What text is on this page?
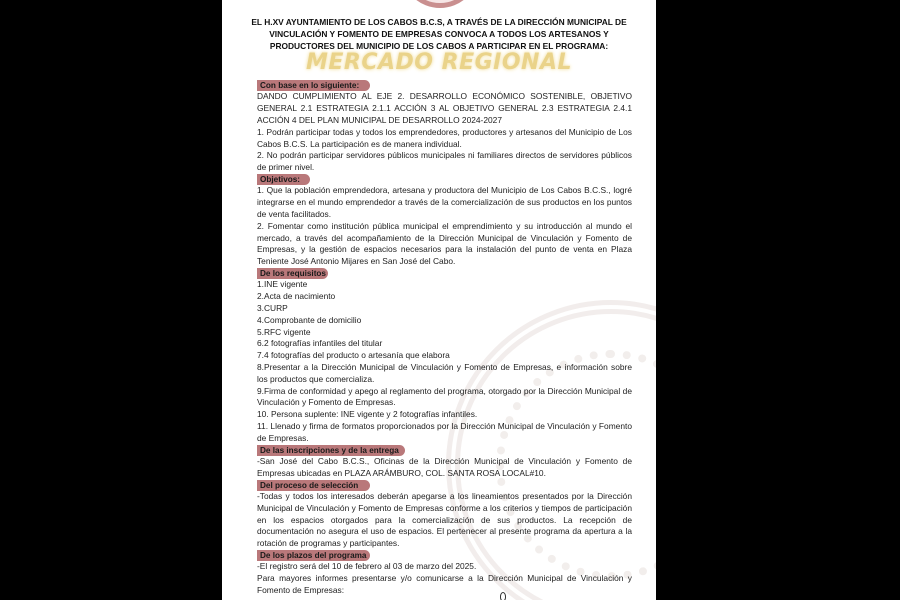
EL H.XV AYUNTAMIENTO DE LOS CABOS B.C.S, A TRAVÉS DE LA DIRECCIÓN MUNICIPAL DE VINCULACIÓN Y FOMENTO DE EMPRESAS CONVOCA A TODOS LOS ARTESANOS Y PRODUCTORES DEL MUNICIPIO DE LOS CABOS A PARTICIPAR EN EL PROGRAMA:
MERCADO REGIONAL
Con base en lo siguiente:

DANDO CUMPLIMIENTO AL EJE 2. DESARROLLO ECONÓMICO SOSTENIBLE, OBJETIVO GENERAL 2.1 ESTRATEGIA 2.1.1 ACCIÓN 3 AL OBJETIVO GENERAL 2.3 ESTRATEGIA 2.4.1 ACCIÓN 4 DEL PLAN MUNICIPAL DE DESARROLLO 2024-2027

1. Podrán participar todas y todos los emprendedores, productores y artesanos del Municipio de Los Cabos B.C.S. La participación es de manera individual.

2. No podrán participar servidores públicos municipales ni familiares directos de servidores públicos de primer nivel.

Objetivos:

1. Que la población emprendedora, artesana y productora del Municipio de Los Cabos B.C.S., logré integrarse en el mundo emprendedor a través de la comercialización de sus productos en los puntos de venta facilitados.

2. Fomentar como institución pública municipal el emprendimiento y su introducción al mundo el mercado, a través del acompañamiento de la Dirección Municipal de Vinculación y Fomento de Empresas, y la gestión de espacios necesarios para la instalación del punto de venta en Plaza Teniente José Antonio Mijares en San José del Cabo.

De los requisitos

1.INE vigente

2.Acta de nacimiento

3.CURP

4.Comprobante de domicilio

5.RFC vigente

6.2 fotografías infantiles del titular

7.4 fotografías del producto o artesanía que elabora

8.Presentar a la Dirección Municipal de Vinculación y Fomento de Empresas, e información sobre los productos que comercializa.

9.Firma de conformidad y apego al reglamento del programa, otorgado por la Dirección Municipal de Vinculación y Fomento de Empresas.

10. Persona suplente: INE vigente y 2 fotografías infantiles.

11. Llenado y firma de formatos proporcionados por la Dirección Municipal de Vinculación y Fomento de Empresas.

De las inscripciones y de la entrega

-San José del Cabo B.C.S., Oficinas de la Dirección Municipal de Vinculación y Fomento de Empresas ubicadas en PLAZA ARÁMBURO, COL. SANTA ROSA LOCAL#10.

Del proceso de selección

-Todas y todos los interesados deberán apegarse a los lineamientos presentados por la Dirección Municipal de Vinculación y Fomento de Empresas conforme a los criterios y tiempos de participación en los espacios otorgados para la comercialización de sus productos. La recepción de documentación no asegura el uso de espacios. El pertenecer al presente programa da apertura a la rotación de programas y participantes.

De los plazos del programa

-El registro será del 10 de febrero al 03 de marzo del 2025.

Para mayores informes presentarse y/o comunicarse a la Dirección Municipal de Vinculación y Fomento de Empresas:
